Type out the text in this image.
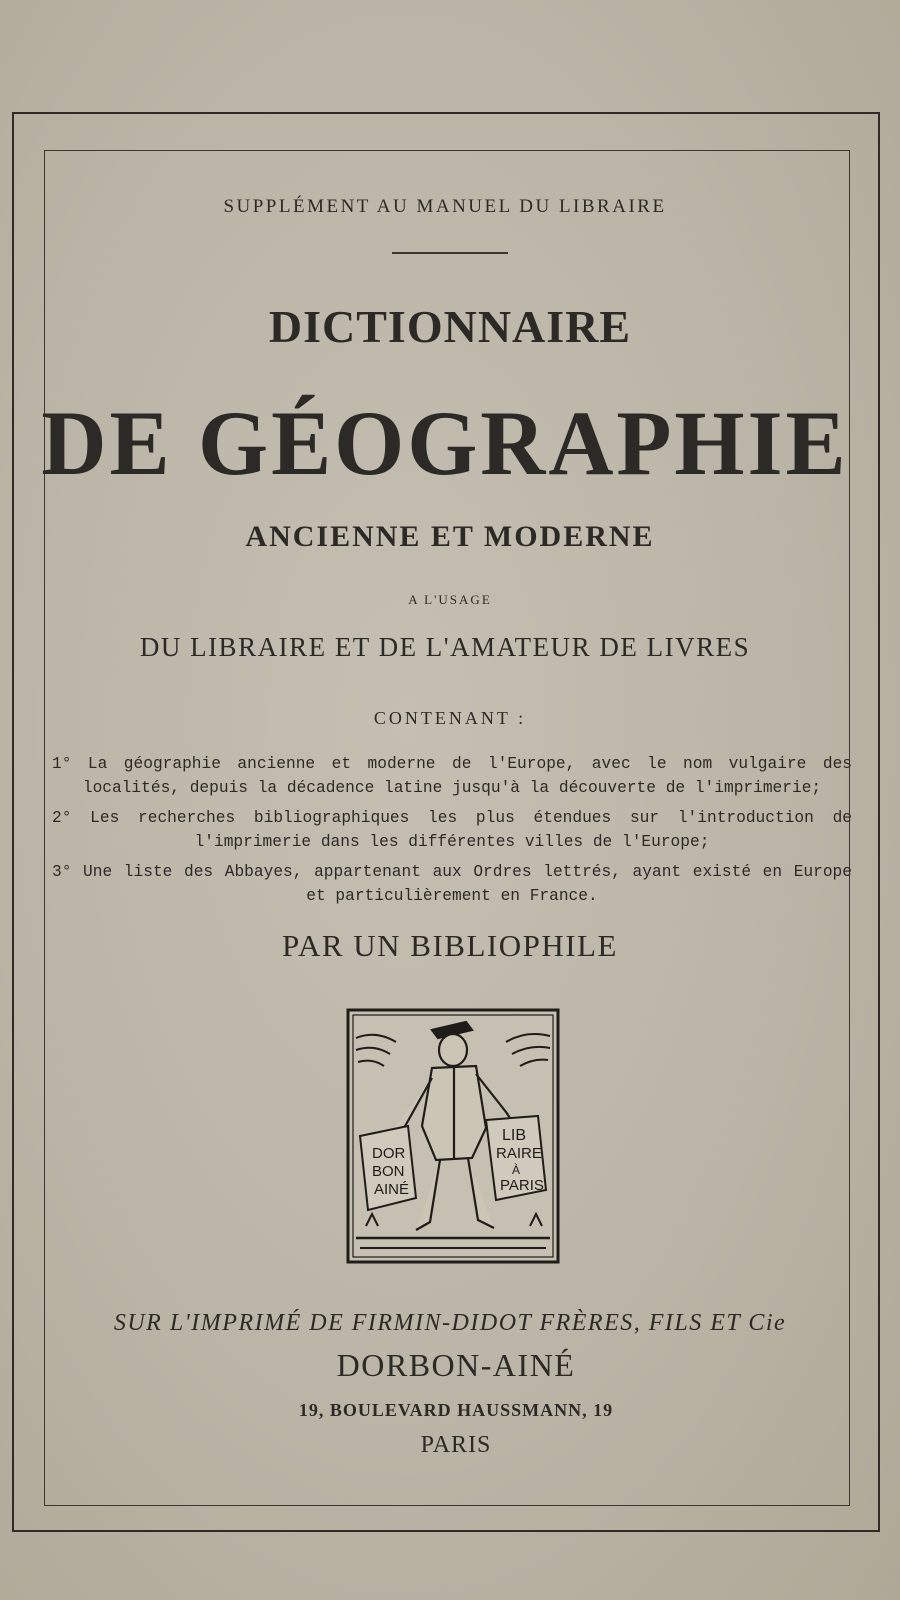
SUPPLÉMENT AU MANUEL DU LIBRAIRE
DICTIONNAIRE
DE GÉOGRAPHIE
ANCIENNE ET MODERNE
A L'USAGE
DU LIBRAIRE ET DE L'AMATEUR DE LIVRES
CONTENANT :
1° La géographie ancienne et moderne de l'Europe, avec le nom vulgaire des
localités, depuis la décadence latine jusqu'à la découverte de l'imprimerie;
2° Les recherches bibliographiques les plus étendues sur l'introduction de
l'imprimerie dans les différentes villes de l'Europe;
3° Une liste des Abbayes, appartenant aux Ordres lettrés, ayant existé en Europe
et particulièrement en France.
PAR UN BIBLIOPHILE
DOR
BON
AINÉ
LIB
RAIRE
À
PARIS
SUR L'IMPRIMÉ DE FIRMIN-DIDOT FRÈRES, FILS ET Cie
DORBON-AINÉ
19, BOULEVARD HAUSSMANN, 19
PARIS
